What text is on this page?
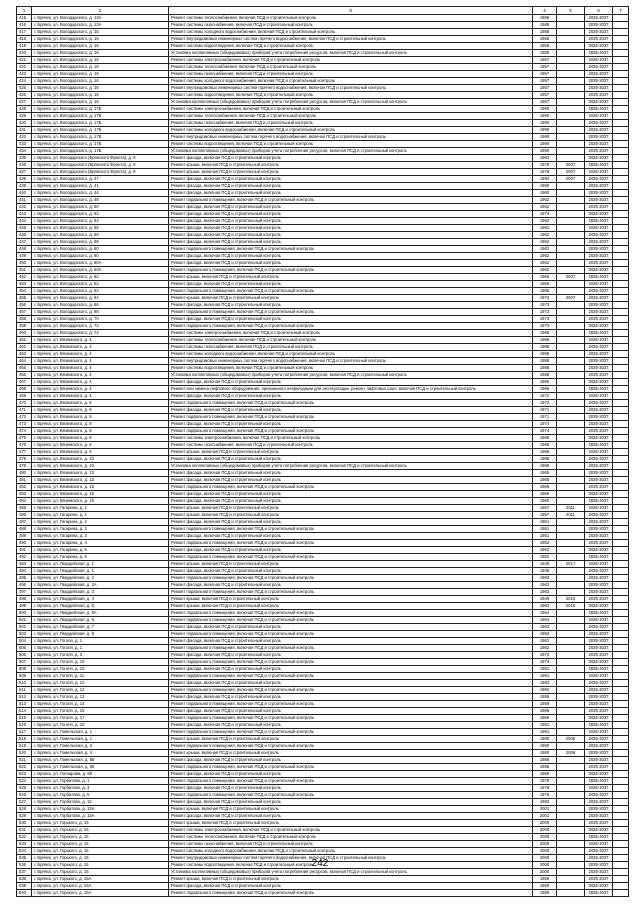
1	2	3	4	5	6	7
415	г. Брянск, ул. Володарского, д. 13А	Ремонт системы теплоснабжения, включая ПСД и строительный контроль	1986		2035-2037	
416	г. Брянск, ул. Володарского, д. 13А	Ремонт системы газоснабжения, включая ПСД и строительный контроль	1986		2035-2037	
417	г. Брянск, ул. Володарского, д. 15	Ремонт системы холодного водоснабжения, включая ПСД и строительный контроль	1958		2035-2037	
418	г. Брянск, ул. Володарского, д. 15	Ремонт внутридомовых инженерных систем горячего водоснабжения, включая ПСД и строительный контроль	1958		2035-2037	
419	г. Брянск, ул. Володарского, д. 16	Ремонт системы водоотведения, включая ПСД и строительный контроль	1958		2035-2037	
420	г. Брянск, ул. Володарского, д. 16	Установка коллективных (общедомовых) приборов учета потребления ресурсов, включая ПСД и строительный контроль	1958		2035-2037	
421	г. Брянск, ул. Володарского, д. 16	Ремонт системы электроснабжения, включая ПСД и строительный контроль	1957		2035-2037	
422	г. Брянск, ул. Володарского, д. 16	Ремонт системы теплоснабжения, включая ПСД и строительный контроль	1957		2035-2037	
423	г. Брянск, ул. Володарского, д. 16	Ремонт системы газоснабжения, включая ПСД и строительный контроль	1957		2035-2037	
424	г. Брянск, ул. Володарского, д. 16	Ремонт системы холодного водоснабжения, включая ПСД и строительный контроль	1957		2035-2037	
425	г. Брянск, ул. Володарского, д. 16	Ремонт внутридомовых инженерных систем горячего водоснабжения, включая ПСД и строительный контроль	1957		2035-2037	
426	г. Брянск, ул. Володарского, д. 16	Ремонт системы водоотведения, включая ПСД и строительный контроль	1957		2035-2037	
427	г. Брянск, ул. Володарского, д. 16	Установка коллективных (общедомовых) приборов учета потребления ресурсов, включая ПСД и строительный контроль	1957		2035-2037	
428	г. Брянск, ул. Володарского, д. 17Б	Ремонт системы электроснабжения, включая ПСД и строительный контроль	1990		2035-2037	
429	г. Брянск, ул. Володарского, д. 17Б	Ремонт системы теплоснабжения, включая ПСД и строительный контроль	1990		2035-2037	
430	г. Брянск, ул. Володарского, д. 17Б	Ремонт системы газоснабжения, включая ПСД и строительный контроль	1990		2035-2037	
431	г. Брянск, ул. Володарского, д. 17Б	Ремонт системы холодного водоснабжения, включая ПСД и строительный контроль	1990		2035-2037	
432	г. Брянск, ул. Володарского, д. 17Б	Ремонт внутридомовых инженерных систем горячего водоснабжения, включая ПСД и строительный контроль	1990		2035-2037	
433	г. Брянск, ул. Володарского, д. 17Б	Ремонт системы водоотведения, включая ПСД и строительный контроль	1990		2035-2037	
434	г. Брянск, ул. Володарского, д. 17Б	Установка коллективных (общедомовых) приборов учета потребления ресурсов, включая ПСД и строительный контроль	1990		2035-2037	
435	г. Брянск, ул. Володарского (Брянского Фронта), д. 9	Ремонт фасада, включая ПСД и строительный контроль	1963		2035-2037	
436	г. Брянск, ул. Володарского (Брянского Фронта), д. 9	Ремонт крыши, включая ПСД и строительный контроль	1978	2007	2035-2037	
437	г. Брянск, ул. Володарского (Брянского Фронта), д. 9	Ремонт крыши, включая ПСД и строительный контроль	1978	2007	2035-2037	
438	г. Брянск, ул. Володарского, д. 37	Ремонт фасада, включая ПСД и строительный контроль	1994	2007	2035-2037	
439	г. Брянск, ул. Володарского, д. 41	Ремонт фасада, включая ПСД и строительный контроль	1960		2035-2037	
440	г. Брянск, ул. Володарского, д. 44	Ремонт фасада, включая ПСД и строительный контроль	1960		2035-2037	
441	г. Брянск, ул. Володарского, д. 48	Ремонт подвального помещения, включая ПСД и строительный контроль	1962		2035-2037	
442	г. Брянск, ул. Володарского, д. 50	Ремонт фасада, включая ПСД и строительный контроль	1962		2035-2037	
443	г. Брянск, ул. Володарского, д. 52	Ремонт фасада, включая ПСД и строительный контроль	1974		2035-2037	
444	г. Брянск, ул. Володарского, д. 54	Ремонт фасада, включая ПСД и строительный контроль	1962		2035-2037	
445	г. Брянск, ул. Володарского, д. 56	Ремонт фасада, включая ПСД и строительный контроль	1962		2035-2037	
446	г. Брянск, ул. Володарского, д. 58	Ремонт фасада, включая ПСД и строительный контроль	1962		2035-2037	
447	г. Брянск, ул. Володарского, д. 58	Ремонт фасада, включая ПСД и строительный контроль	1962		2035-2037	
448	г. Брянск, ул. Володарского, д. 60	Ремонт подвального помещения, включая ПСД и строительный контроль	1962		2035-2037	
449	г. Брянск, ул. Володарского, д. 60	Ремонт фасада, включая ПСД и строительный контроль	1962		2035-2037	
450	г. Брянск, ул. Володарского, д. 60А	Ремонт фасада, включая ПСД и строительный контроль	1962		2035-2037	
451	г. Брянск, ул. Володарского, д. 60А	Ремонт подвального помещения, включая ПСД и строительный контроль	1962		2035-2037	
452	г. Брянск, ул. Володарского, д. 62	Ремонт крыши, включая ПСД и строительный контроль	1966	2007	2035-2037	
453	г. Брянск, ул. Володарского, д. 62	Ремонт фасада, включая ПСД и строительный контроль	1966		2035-2037	
454	г. Брянск, ул. Володарского, д. 62	Ремонт подвального помещения, включая ПСД и строительный контроль	1966		2035-2037	
455	г. Брянск, ул. Володарского, д. 64	Ремонт крыши, включая ПСД и строительный контроль	1973	2007	2035-2037	
456	г. Брянск, ул. Володарского, д. 66	Ремонт фасада, включая ПСД и строительный контроль	1973		2035-2037	
457	г. Брянск, ул. Володарского, д. 68	Ремонт подвального помещения, включая ПСД и строительный контроль	1973		2035-2037	
458	г. Брянск, ул. Володарского, д. 70	Ремонт фасада, включая ПСД и строительный контроль	1973		2035-2037	
459	г. Брянск, ул. Володарского, д. 72	Ремонт подвального помещения, включая ПСД и строительный контроль	1973		2035-2037	
460	г. Брянск, ул. Володарского, д. 74	Ремонт системы электроснабжения, включая ПСД и строительный контроль	1988		2035-2037	
461	г. Брянск, ул. Вяземского, д. 4	Ремонт системы теплоснабжения, включая ПСД и строительный контроль	1988		2035-2037	
462	г. Брянск, ул. Вяземского, д. 4	Ремонт системы газоснабжения, включая ПСД и строительный контроль	1988		2035-2037	
463	г. Брянск, ул. Вяземского, д. 4	Ремонт системы холодного водоснабжения, включая ПСД и строительный контроль	1988		2035-2037	
464	г. Брянск, ул. Вяземского, д. 4	Ремонт внутридомовых инженерных систем горячего водоснабжения, включая ПСД и строительный контроль	1988		2035-2037	
465	г. Брянск, ул. Вяземского, д. 4	Ремонт системы водоотведения, включая ПСД и строительный контроль	1988		2035-2037	
466	г. Брянск, ул. Вяземского, д. 4	Установка коллективных (общедомовых) приборов учета потребления ресурсов, включая ПСД и строительный контроль	1988		2035-2037	
467	г. Брянск, ул. Вяземского, д. 4	Ремонт фасада, включая ПСД и строительный контроль	1986		2035-2037	
468	г. Брянск, ул. Вяземского, д. 4	Ремонт или замена лифтового оборудования, признанного непригодным для эксплуатации, ремонт лифтовых шахт, включая ПСД и строительный контроль	1986		2035-2037	
469	г. Брянск, ул. Вяземского, д. 4	Ремонт фасада, включая ПСД и строительный контроль	1972		2035-2037	
470	г. Брянск, ул. Вяземского, д. 6	Ремонт подвального помещения, включая ПСД и строительный контроль	1972		2035-2037	
471	г. Брянск, ул. Вяземского, д. 6	Ремонт фасада, включая ПСД и строительный контроль	1971		2035-2037	
472	г. Брянск, ул. Вяземского, д. 6	Ремонт подвального помещения, включая ПСД и строительный контроль	1971		2035-2037	
473	г. Брянск, ул. Вяземского, д. 8	Ремонт фасада, включая ПСД и строительный контроль	1974		2035-2037	
474	г. Брянск, ул. Вяземского, д. 8	Ремонт подвального помещения, включая ПСД и строительный контроль	1974		2035-2037	
475	г. Брянск, ул. Вяземского, д. 8	Ремонт системы электроснабжения, включая ПСД и строительный контроль	1988		2035-2037	
476	г. Брянск, ул. Вяземского, д. 8	Ремонт системы газоснабжения, включая ПСД и строительный контроль	1988		2035-2037	
477	г. Брянск, ул. Вяземского, д. 8	Ремонт крыши, включая ПСД и строительный контроль	1988		2035-2037	
478	г. Брянск, ул. Вяземского, д. 10	Ремонт фасада, включая ПСД и строительный контроль	1988		2035-2037	
479	г. Брянск, ул. Вяземского, д. 10	Установка коллективных (общедомовых) приборов учета потребления ресурсов, включая ПСД и строительный контроль	1988		2035-2037	
480	г. Брянск, ул. Вяземского, д. 13	Ремонт фасада, включая ПСД и строительный контроль	1965		2035-2037	
481	г. Брянск, ул. Вяземского, д. 13	Ремонт фасада, включая ПСД и строительный контроль	1965		2035-2037	
482	г. Брянск, ул. Вяземского, д. 15	Ремонт подвального помещения, включая ПСД и строительный контроль	1966		2035-2037	
483	г. Брянск, ул. Вяземского, д. 15	Ремонт фасада, включая ПСД и строительный контроль	1966		2035-2037	
484	г. Брянск, ул. Вяземского, д. 19	Ремонт фасада, включая ПСД и строительный контроль	1960		2035-2037	
485	г. Брянск, ул. Гагарина, д. 1	Ремонт крыши, включая ПСД и строительный контроль	1957	2011	2035-2037	
486	г. Брянск, ул. Гагарина, д. 1	Ремонт крыши, включая ПСД и строительный контроль	1957	2011	2035-2037	
487	г. Брянск, ул. Гагарина, д. 2	Ремонт фасада, включая ПСД и строительный контроль	1951		2035-2037	
488	г. Брянск, ул. Гагарина, д. 2	Ремонт подвального помещения, включая ПСД и строительный контроль	1951		2035-2037	
489	г. Брянск, ул. Гагарина, д. 3	Ремонт фасада, включая ПСД и строительный контроль	1951		2035-2037	
490	г. Брянск, ул. Гагарина, д. 4	Ремонт подвального помещения, включая ПСД и строительный контроль	1952		2035-2037	
491	г. Брянск, ул. Гагарина, д. 5	Ремонт фасада, включая ПСД и строительный контроль	1952		2035-2037	
492	г. Брянск, ул. Гагарина, д. 6	Ремонт подвального помещения, включая ПСД и строительный контроль	1952		2035-2037	
493	г. Брянск, ул. Гвардейская, д. 1	Ремонт крыши, включая ПСД и строительный контроль	1949	2017	2035-2037	
494	г. Брянск, ул. Гвардейская, д. 1	Ремонт фасада, включая ПСД и строительный контроль	1949		2035-2037	
495	г. Брянск, ул. Гвардейская, д. 2	Ремонт подвального помещения, включая ПСД и строительный контроль	1963		2035-2037	
496	г. Брянск, ул. Гвардейская, д. 2А	Ремонт фасада, включая ПСД и строительный контроль	1963		2035-2037	
497	г. Брянск, ул. Гвардейская, д. 3	Ремонт подвального помещения, включая ПСД и строительный контроль	1963		2035-2037	
498	г. Брянск, ул. Гвардейская, д. 4	Ремонт крыши, включая ПСД и строительный контроль	1949	2016	2035-2037	
499	г. Брянск, ул. Гвардейская, д. 5	Ремонт крыши, включая ПСД и строительный контроль	1963	2016	2035-2037	
500	г. Брянск, ул. Гвардейская, д. 5А	Ремонт подвального помещения, включая ПСД и строительный контроль	1954		2035-2037	
501	г. Брянск, ул. Гвардейская, д. 6	Ремонт подвального помещения, включая ПСД и строительный контроль	1954		2035-2037	
502	г. Брянск, ул. Гвардейская, д. 7	Ремонт фасада, включая ПСД и строительный контроль	1953		2035-2037	
503	г. Брянск, ул. Гвардейская, д. 8	Ремонт подвального помещения, включая ПСД и строительный контроль	1953		2035-2037	
504	г. Брянск, ул. Гоголя, д. 1	Ремонт фасада, включая ПСД и строительный контроль	1962		2035-2037	
505	г. Брянск, ул. Гоголя, д. 1	Ремонт подвального помещения, включая ПСД и строительный контроль	1962		2035-2037	
506	г. Брянск, ул. Гоголя, д. 3	Ремонт фасада, включая ПСД и строительный контроль	1974		2035-2037	
507	г. Брянск, ул. Гоголя, д. 10	Ремонт подвального помещения, включая ПСД и строительный контроль	1974		2035-2037	
508	г. Брянск, ул. Гоголя, д. 10	Ремонт фасада, включая ПСД и строительный контроль	1981		2035-2037	
509	г. Брянск, ул. Гоголя, д. 11	Ремонт подвального помещения, включая ПСД и строительный контроль	1981		2035-2037	
510	г. Брянск, ул. Гоголя, д. 12	Ремонт фасада, включая ПСД и строительный контроль	1982		2035-2037	
511	г. Брянск, ул. Гоголя, д. 12	Ремонт подвального помещения, включая ПСД и строительный контроль	1982		2035-2037	
512	г. Брянск, ул. Гоголя, д. 13	Ремонт фасада, включая ПСД и строительный контроль	1959		2035-2037	
513	г. Брянск, ул. Гоголя, д. 14	Ремонт подвального помещения, включая ПСД и строительный контроль	1959		2035-2037	
514	г. Брянск, ул. Гоголя, д. 15	Ремонт фасада, включая ПСД и строительный контроль	1966		2035-2037	
515	г. Брянск, ул. Гоголя, д. 17	Ремонт подвального помещения, включая ПСД и строительный контроль	1966		2035-2037	
516	г. Брянск, ул. Гоголя, д. 18	Ремонт фасада, включая ПСД и строительный контроль	1981		2035-2037	
517	г. Брянск, ул. Гомельская, д. 1	Ремонт подвального помещения, включая ПСД и строительный контроль	1981		2035-2037	
518	г. Брянск, ул. Гомельская, д. 1	Ремонт крыши, включая ПСД и строительный контроль	1980	2006	2035-2037	
519	г. Брянск, ул. Гомельская, д. 2	Ремонт подвального помещения, включая ПСД и строительный контроль	1980		2035-2037	
520	г. Брянск, ул. Гомельская, д. 4	Ремонт крыши, включая ПСД и строительный контроль	1980	2006	2035-2037	
521	г. Брянск, ул. Гомельская, д. 66	Ремонт фасада, включая ПСД и строительный контроль	1986		2035-2037	
522	г. Брянск, ул. Гомельская, д. 68	Ремонт подвального помещения, включая ПСД и строительный контроль	1986		2035-2037	
523	г. Брянск, ул. Гончарова, д. 59	Ремонт фасада, включая ПСД и строительный контроль	1969		2035-2037	
524	г. Брянск, ул. Горбатова, д. 1	Ремонт подвального помещения, включая ПСД и строительный контроль	1978		2035-2037	
525	г. Брянск, ул. Горбатова, д. 3	Ремонт фасада, включая ПСД и строительный контроль	1978		2035-2037	
526	г. Брянск, ул. Горбатова, д. 5	Ремонт подвального помещения, включая ПСД и строительный контроль	1978		2035-2037	
527	г. Брянск, ул. Горбатова, д. 13	Ремонт фасада, включая ПСД и строительный контроль	1982		2035-2037	
528	г. Брянск, ул. Горбатова, д. 13А	Ремонт крыши, включая ПСД и строительный контроль	2001		2035-2037	
529	г. Брянск, ул. Горбатова, д. 13А	Ремонт фасада, включая ПСД и строительный контроль	2001		2035-2037	
530	г. Брянск, ул. Горького, д. 15	Ремонт крыши, включая ПСД и строительный контроль	2000		2035-2037	
531	г. Брянск, ул. Горького, д. 15	Ремонт системы электроснабжения, включая ПСД и строительный контроль	2000		2035-2037	
532	г. Брянск, ул. Горького, д. 15	Ремонт системы теплоснабжения, включая ПСД и строительный контроль	2000		2035-2037	
533	г. Брянск, ул. Горького, д. 15	Ремонт системы газоснабжения, включая ПСД и строительный контроль	2000		2035-2037	
534	г. Брянск, ул. Горького, д. 15	Ремонт системы холодного водоснабжения, включая ПСД и строительный контроль	2000		2035-2037	
535	г. Брянск, ул. Горького, д. 15	Ремонт внутридомовых инженерных систем горячего водоснабжения, включая ПСД и строительный контроль	2000		2035-2037	
536	г. Брянск, ул. Горького, д. 15	Ремонт системы водоотведения, включая ПСД и строительный контроль	2000		2035-2037	
537	г. Брянск, ул. Горького, д. 15	Установка коллективных (общедомовых) приборов учета потребления ресурсов, включая ПСД и строительный контроль	2000		2035-2037	
538	г. Брянск, ул. Горького, д. 15А	Ремонт крыши, включая ПСД и строительный контроль	1959		2035-2037	
539	г. Брянск, ул. Горького, д. 15А	Ремонт фасада, включая ПСД и строительный контроль	1959		2035-2037	
540	г. Брянск, ул. Горького, д. 15А	Ремонт подвального помещения, включая ПСД и строительный контроль	1959		2035-2037	
242
